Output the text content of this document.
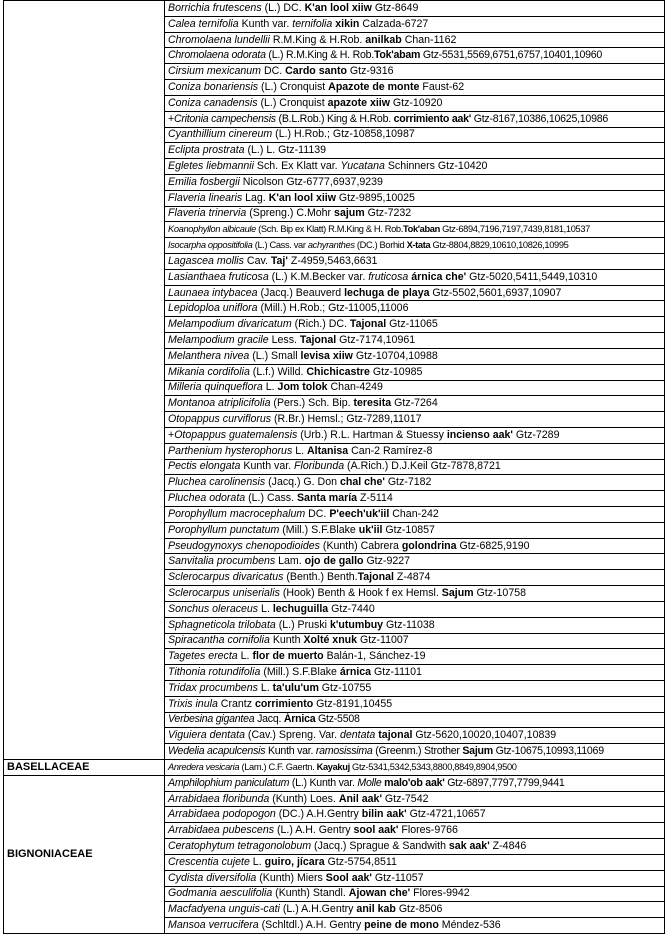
	Borrichia frutescens (L.) DC. K'an lool xiiw Gtz-8649
	Calea ternifolia Kunth var. ternifolia xikin Calzada-6727
	Chromolaena lundellii R.M.King & H.Rob. anilkab Chan-1162
	Chromolaena odorata (L.) R.M.King & H. Rob.Tok'abam Gtz-5531,5569,6751,6757,10401,10960
	Cirsium mexicanum DC. Cardo santo Gtz-9316
	Coniza bonariensis (L.) Cronquist Apazote de monte Faust-62
	Coniza canadensis (L.) Cronquist apazote xiiw Gtz-10920
	+Critonia campechensis (B.L.Rob.) King & H.Rob. corrimiento aak' Gtz-8167,10386,10625,10986
	Cyanthillium cinereum (L.) H.Rob.; Gtz-10858,10987
	Eclipta prostrata (L.) L. Gtz-11139
	Egletes liebmannii Sch. Ex Klatt var. Yucatana Schinners Gtz-10420
	Emilia fosbergii Nicolson Gtz-6777,6937,9239
	Flaveria linearis Lag. K'an lool xiiw Gtz-9895,10025
	Flaveria trinervia (Spreng.) C.Mohr sajum Gtz-7232
	Koanophyllon albicaule (Sch. Bip ex Klatt) R.M.King & H. Rob.Tok'aban Gtz-6894,7196,7197,7439,8181,10537
	Isocarpha oppositifolia (L.) Cass. var achyranthes (DC.) Borhid X-tata Gtz-8804,8829,10610,10826,10995
	Lagascea mollis Cav. Taj' Z-4959,5463,6631
	Lasianthaea fruticosa (L.) K.M.Becker var. fruticosa árnica che' Gtz-5020,5411,5449,10310
	Launaea intybacea (Jacq.) Beauverd lechuga de playa Gtz-5502,5601,6937,10907
	Lepidoploa uniflora (Mill.) H.Rob.; Gtz-11005,11006
	Melampodium divaricatum (Rich.) DC. Tajonal Gtz-11065
	Melampodium gracile Less. Tajonal Gtz-7174,10961
	Melanthera nivea (L.) Small levisa xiiw Gtz-10704,10988
	Mikania cordifolia (L.f.) Willd. Chichicastre Gtz-10985
	Milleria quinqueflora L. Jom tolok Chan-4249
	Montanoa atriplicifolia (Pers.) Sch. Bip. teresita Gtz-7264
	Otopappus curviflorus (R.Br.) Hemsl.; Gtz-7289,11017
	+Otopappus guatemalensis (Urb.) R.L. Hartman & Stuessy incienso aak' Gtz-7289
	Parthenium hysterophorus L. Altanisa Can-2 Ramírez-8
	Pectis elongata Kunth var. Floribunda (A.Rich.) D.J.Keil Gtz-7878,8721
	Pluchea carolinensis (Jacq.) G. Don chal che' Gtz-7182
	Pluchea odorata (L.) Cass. Santa maría Z-5114
	Porophyllum macrocephalum DC. P'eech'uk'iil Chan-242
	Porophyllum punctatum (Mill.) S.F.Blake uk'iil Gtz-10857
	Pseudogynoxys chenopodioides (Kunth) Cabrera golondrina Gtz-6825,9190
	Sanvitalia procumbens Lam. ojo de gallo Gtz-9227
	Sclerocarpus divaricatus (Benth.) Benth.Tajonal Z-4874
	Sclerocarpus uniserialis (Hook) Benth & Hook f ex Hemsl. Sajum Gtz-10758
	Sonchus oleraceus L. lechuguilla Gtz-7440
	Sphagneticola trilobata (L.) Pruski k'utumbuy Gtz-11038
	Spiracantha cornifolia Kunth Xolté xnuk Gtz-11007
	Tagetes erecta L. flor de muerto Balán-1, Sánchez-19
	Tithonia rotundifolia (Mill.) S.F.Blake árnica Gtz-11101
	Tridax procumbens L. ta'ulu'um Gtz-10755
	Trixis inula Crantz corrimiento Gtz-8191,10455
	Verbesina gigantea Jacq. Árnica Gtz-5508
	Viguiera dentata (Cav.) Spreng. Var. dentata tajonal Gtz-5620,10020,10407,10839
	Wedelia acapulcensis Kunth var. ramosissima (Greenm.) Strother Sajum Gtz-10675,10993,11069
BASELLACEAE	Anredera vesicaria (Lam.) C.F. Gaertn. Kayakuj Gtz-5341,5342,5343,8800,8849,8904,9500
BIGNONIACEAE	Amphilophium paniculatum (L.) Kunth var. Molle malo'ob aak' Gtz-6897,7797,7799,9441
	Arrabidaea floribunda (Kunth) Loes. Anil aak' Gtz-7542
	Arrabidaea podopogon (DC.) A.H.Gentry bilin aak' Gtz-4721,10657
	Arrabidaea pubescens (L.) A.H. Gentry sool aak' Flores-9766
	Ceratophytum tetragonolobum (Jacq.) Sprague & Sandwith sak aak' Z-4846
	Crescentia cujete L. guiro, jícara Gtz-5754,8511
	Cydista diversifolia (Kunth) Miers Sool aak' Gtz-11057
	Godmania aesculifolia (Kunth) Standl. Ajowan che' Flores-9942
	Macfadyena unguis-cati (L.) A.H.Gentry anil kab Gtz-8506
	Mansoa verrucifera (Schltdl.) A.H. Gentry peine de mono Méndez-536
